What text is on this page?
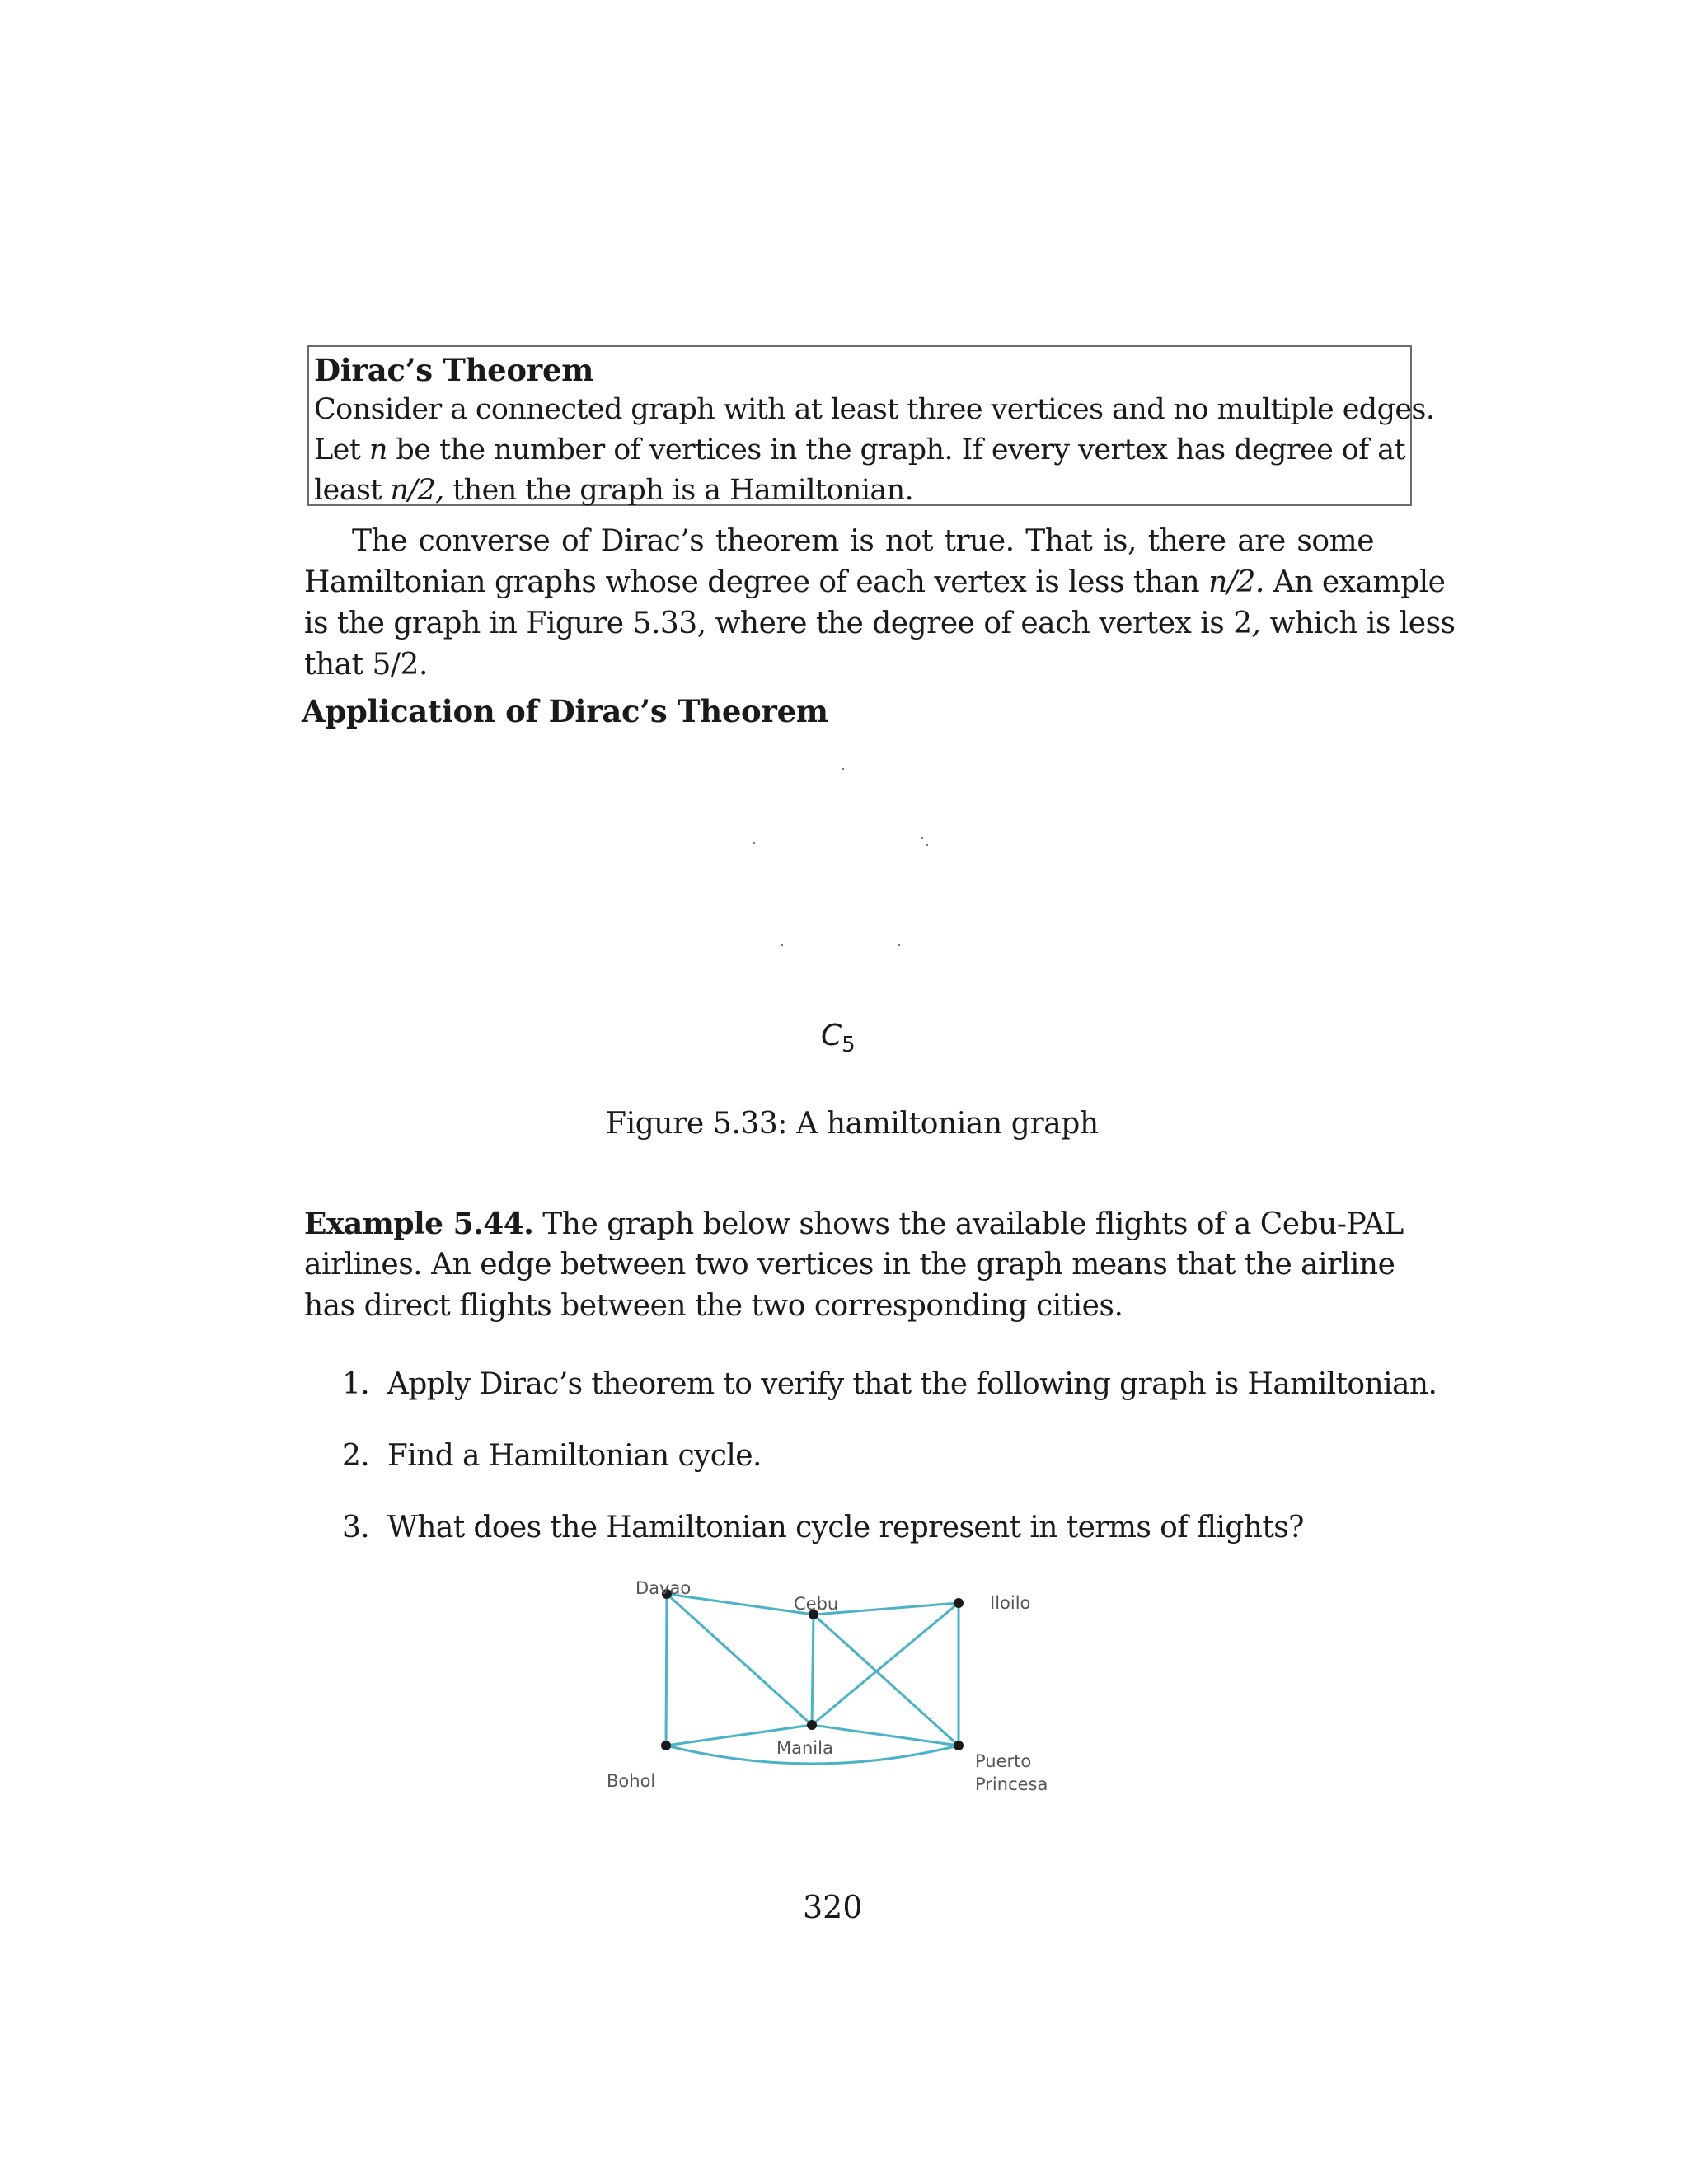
Dirac’s Theorem

Consider a connected graph with at least three vertices and no multiple edges.

Let n be the number of vertices in the graph. If every vertex has degree of at

least n/2, then the graph is a Hamiltonian.

The converse of Dirac’s theorem is not true. That is, there are some
Hamiltonian graphs whose degree of each vertex is less than n/2. An example
is the graph in Figure 5.33, where the degree of each vertex is 2, which is less
that 5/2.
Application of Dirac’s Theorem
$C_5$
Figure 5.33: A hamiltonian graph
Example 5.44. The graph below shows the available flights of a Cebu-PAL
airlines. An edge between two vertices in the graph means that the airline
has direct flights between the two corresponding cities.
1. Apply Dirac’s theorem to verify that the following graph is Hamiltonian.
2. Find a Hamiltonian cycle.
3. What does the Hamiltonian cycle represent in terms of flights?
Davao
Cebu	Iloilo
Manila
Bohol
Puerto
Princesa
320
